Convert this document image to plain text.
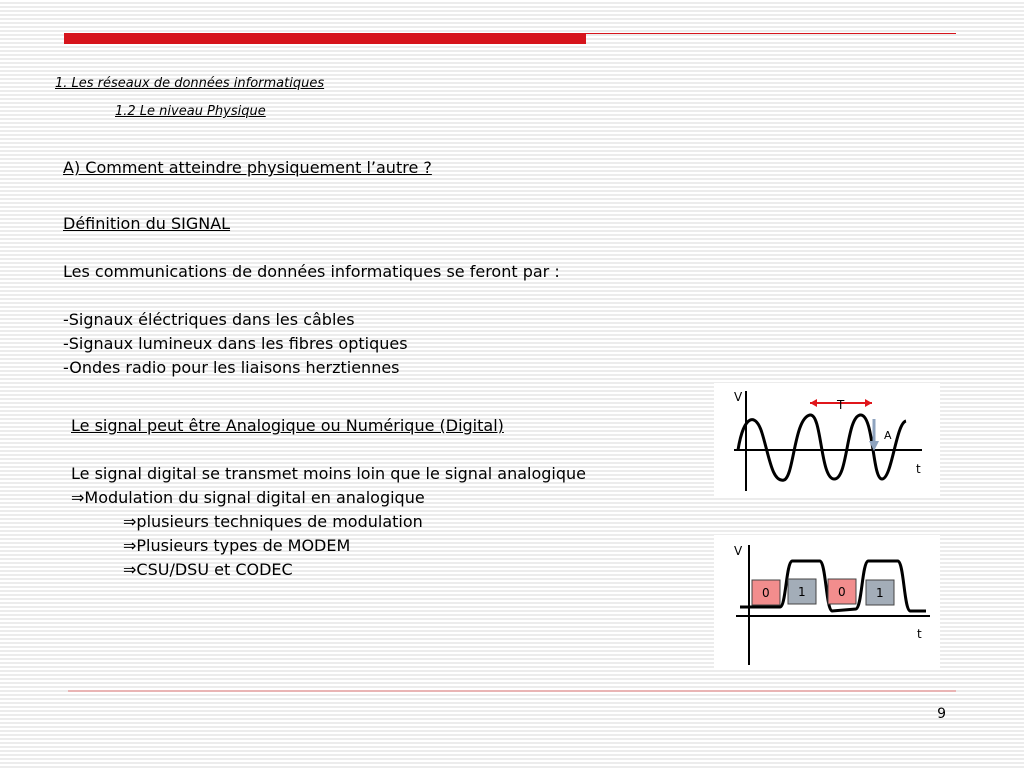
1. Les réseaux de données informatiques
1.2 Le niveau Physique
A) Comment atteindre physiquement l’autre ?
Définition du SIGNAL
Les communications de données informatiques se feront par :
-Signaux éléctriques dans les câbles
-Signaux lumineux dans les fibres optiques
-Ondes radio pour les liaisons herztiennes
Le signal peut être Analogique ou Numérique (Digital)
Le signal digital se transmet moins loin que le signal analogique
⇒Modulation du signal digital en analogique
⇒plusieurs techniques de modulation
⇒Plusieurs types de MODEM
⇒CSU/DSU et CODEC
V
t
T
A
0 1	0	1
V
t
9
